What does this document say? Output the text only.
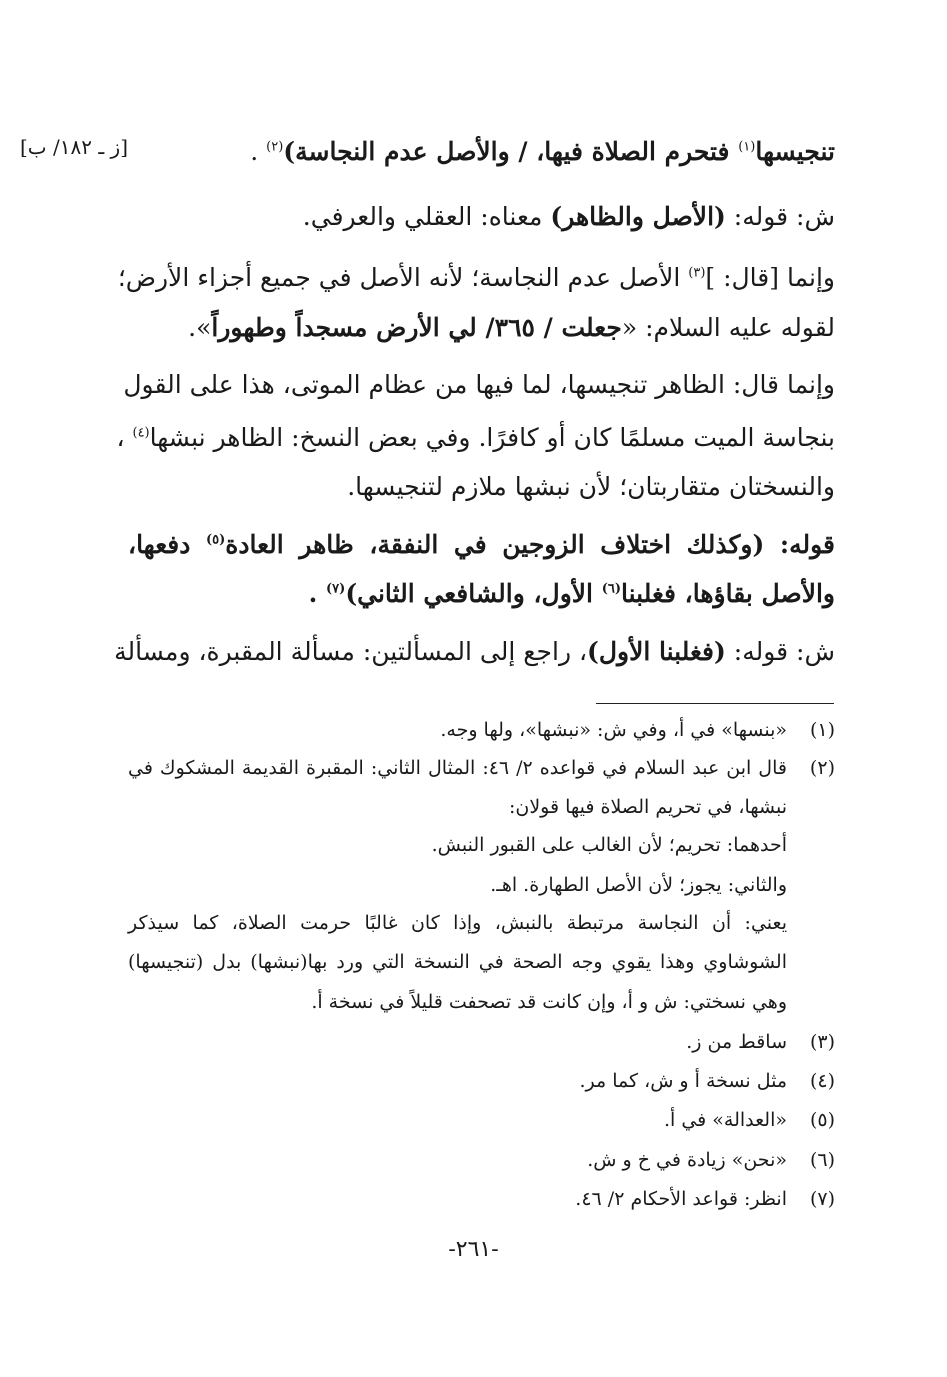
[ز ـ ١٨٢/ ب]	تنجيسها$^{(١)}$ فتحرم الصلاة فيها، / والأصل عدم النجاسة)$^{(٢)}$ .
ش: قوله: (الأصل والظاهر) معناه: العقلي والعرفي.
وإنما [قال: ]$^{(٣)}$ الأصل عدم النجاسة؛ لأنه الأصل في جميع أجزاء الأرض؛
لقوله عليه السلام: «جعلت / ٣٦٥/ لي الأرض مسجداً وطهوراً».
وإنما قال: الظاهر تنجيسها، لما فيها من عظام الموتى، هذا على القول
بنجاسة الميت مسلمًا كان أو كافرًا. وفي بعض النسخ: الظاهر نبشها$^{(٤)}$ ،
والنسختان متقاربتان؛ لأن نبشها ملازم لتنجيسها.
قوله: (وكذلك اختلاف الزوجين في النفقة، ظاهر العادة$^{(٥)}$ دفعها،
والأصل بقاؤها، فغلبنا$^{(٦)}$ الأول، والشافعي الثاني)$^{(٧)}$ .
ش: قوله: (فغلبنا الأول)، راجع إلى المسألتين: مسألة المقبرة، ومسألة
(١)«بنسها» في أ، وفي ش: «نبشها»، ولها وجه.
(٢)قال ابن عبد السلام في قواعده ٢/ ٤٦: المثال الثاني: المقبرة القديمة المشكوك في
نبشها، في تحريم الصلاة فيها قولان:
أحدهما: تحريم؛ لأن الغالب على القبور النبش.
والثاني: يجوز؛ لأن الأصل الطهارة. اهـ.
يعني: أن النجاسة مرتبطة بالنبش، وإذا كان غالبًا حرمت الصلاة، كما سيذكر
الشوشاوي وهذا يقوي وجه الصحة في النسخة التي ورد بها(نبشها) بدل (تنجيسها)
وهي نسختي: ش و أ، وإن كانت قد تصحفت قليلاً في نسخة أ.
(٣)ساقط من ز.
(٤)مثل نسخة أ و ش، كما مر.
(٥)«العدالة» في أ.
(٦)«نحن» زيادة في خ و ش.
(٧)انظر: قواعد الأحكام ٢/ ٤٦.
-٢٦١-
